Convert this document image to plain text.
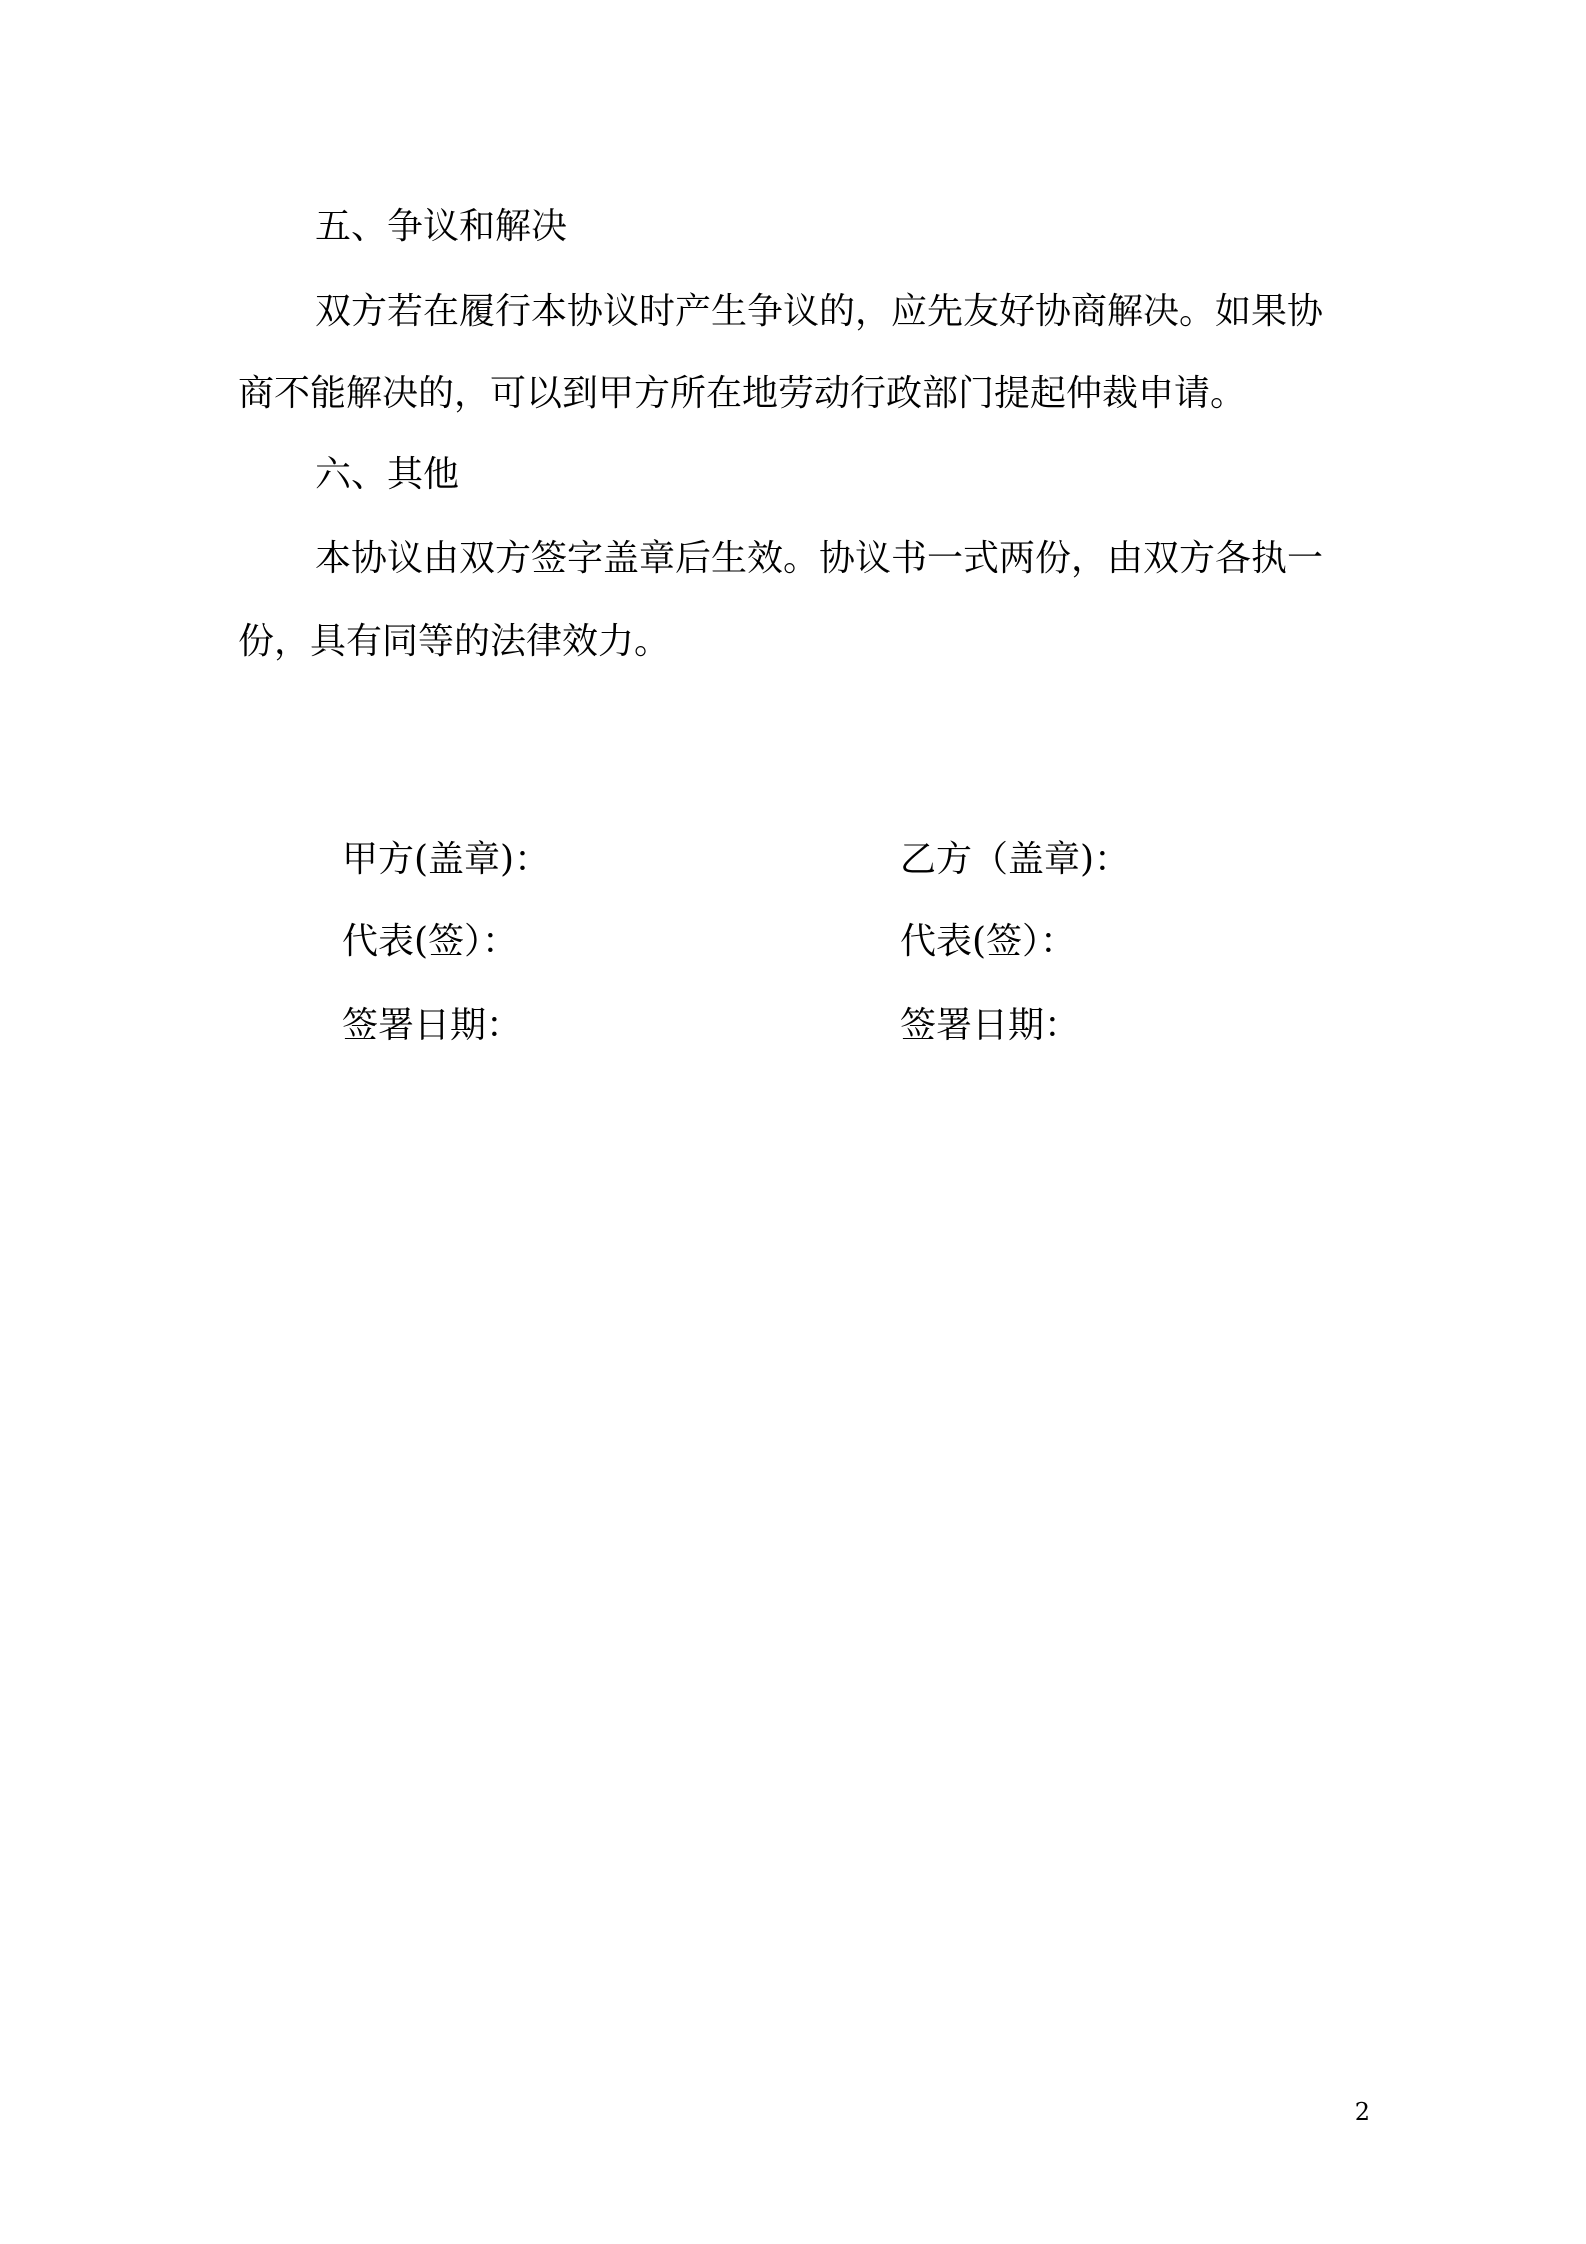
五、争议和解决
双方若在履行本协议时产生争议的，应先友好协商解决。如果协
商不能解决的，可以到甲方所在地劳动行政部门提起仲裁申请。
六、其他
本协议由双方签字盖章后生效。协议书一式两份，由双方各执一
份，具有同等的法律效力。
甲方(盖章)：
代表(签）：
签署日期：
乙方（盖章)：
代表(签）：
签署日期：
2
